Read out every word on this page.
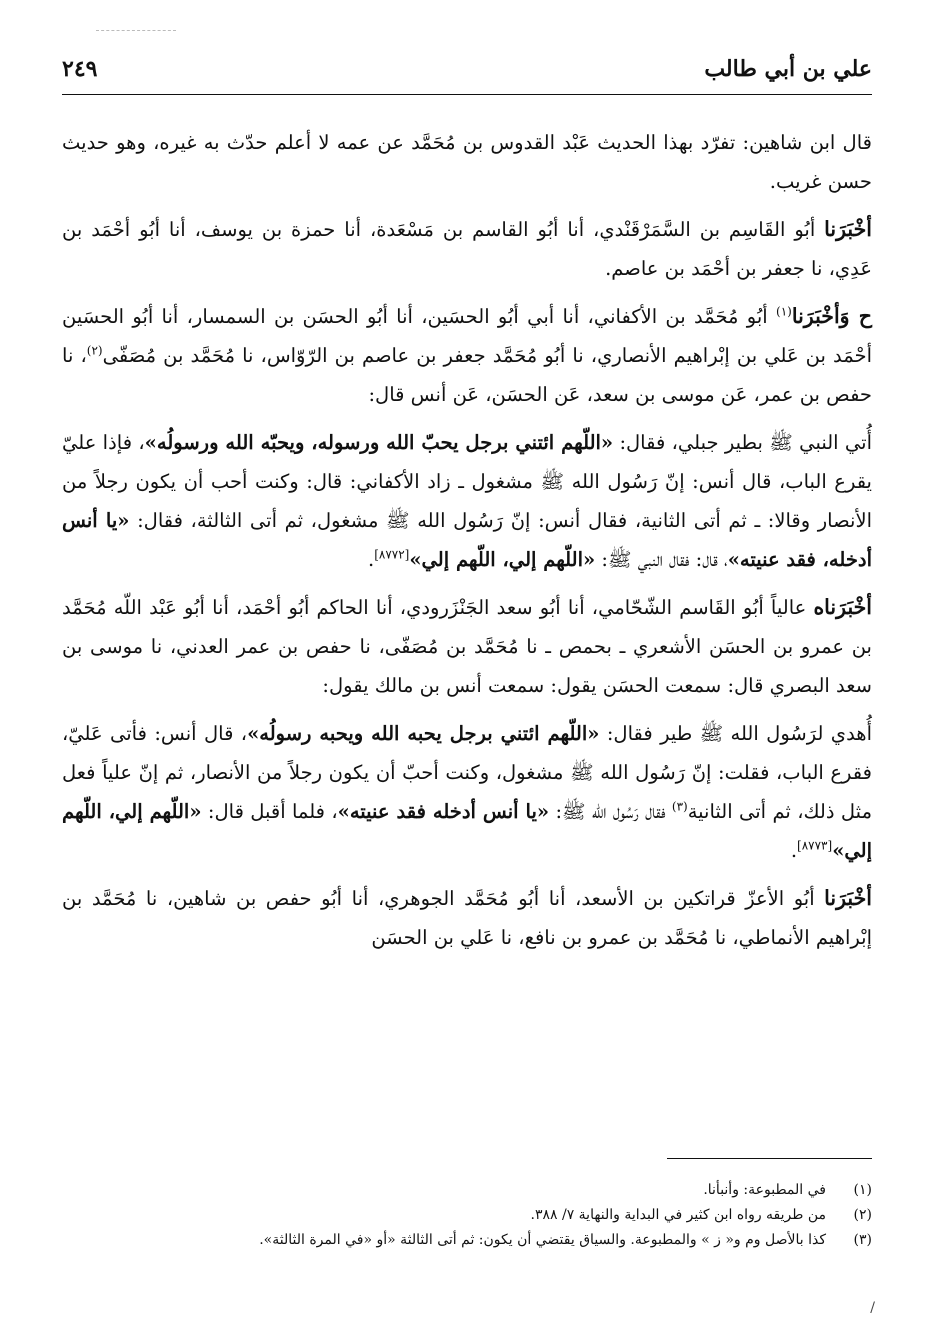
علي بن أبي طالب
٢٤٩

قال ابن شاهين: تفرّد بهذا الحديث عَبْد القدوس بن مُحَمَّد عن عمه لا أعلم حدّث به غيره، وهو حديث حسن غريب.

أخْبَرَنا أبُو القَاسِم بن السَّمَرْقَنْدي، أنا أبُو القاسم بن مَسْعَدة، أنا حمزة بن يوسف، أنا أبُو أحْمَد بن عَدِي، نا جعفر بن أحْمَد بن عاصم.

ح وَأخْبَرَنا$^{(١)}$ أبُو مُحَمَّد بن الأكفاني، أنا أبي أبُو الحسَين، أنا أبُو الحسَن بن السمسار، أنا أبُو الحسَين أحْمَد بن عَلي بن إبْراهيم الأنصاري، نا أبُو مُحَمَّد جعفر بن عاصم بن الرّوّاس، نا مُحَمَّد بن مُصَفّى$^{(٢)}$، نا حفص بن عمر، عَن موسى بن سعد، عَن الحسَن، عَن أنس قال:

أُتي النبي ﷺ بطير جبلي، فقال: «اللّهم ائتني برجل يحبّ الله ورسوله، ويحبّه الله ورسولُه»، فإذا عليّ يقرع الباب، قال أنس: إنّ رَسُول الله ﷺ مشغول ـ زاد الأكفاني: قال: وكنت أحب أن يكون رجلاً من الأنصار وقالا: ـ ثم أتى الثانية، فقال أنس: إنّ رَسُول الله ﷺ مشغول، ثم أتى الثالثة، فقال: «يا أنس أدخله، فقد عنيته»، قال: فقال النبي ﷺ: «اللّهم إلي، اللّهم إلي»[٨٧٧٢].

أخْبَرَناه عالياً أبُو القَاسم الشّحّامي، أنا أبُو سعد الجَنْزَرودي، أنا الحاكم أبُو أحْمَد، أنا أبُو عَبْد اللّه مُحَمَّد بن عمرو بن الحسَن الأشعري ـ بحمص ـ نا مُحَمَّد بن مُصَفّى، نا حفص بن عمر العدني، نا موسى بن سعد البصري قال: سمعت الحسَن يقول: سمعت أنس بن مالك يقول:

أُهدي لرَسُول الله ﷺ طير فقال: «اللّهم ائتني برجل يحبه الله ويحبه رسولُه»، قال أنس: فأتى عَليّ، فقرع الباب، فقلت: إنّ رَسُول الله ﷺ مشغول، وكنت أحبّ أن يكون رجلاً من الأنصار، ثم إنّ علياً فعل مثل ذلك، ثم أتى الثانية$^{(٣)}$ فقال رَسُول الله ﷺ: «يا أنس أدخله فقد عنيته»، فلما أقبل قال: «اللّهم إلي، اللّهم إلي»[٨٧٧٣].

أخْبَرَنا أبُو الأعزّ قراتكين بن الأسعد، أنا أبُو مُحَمَّد الجوهري، أنا أبُو حفص بن شاهين، نا مُحَمَّد بن إبْراهيم الأنماطي، نا مُحَمَّد بن عمرو بن نافع، نا عَلي بن الحسَن

(١)
في المطبوعة: وأنبأنا.
(٢)
من طريقه رواه ابن كثير في البداية والنهاية ٧/ ٣٨٨.
(٣)
كذا بالأصل وم و« ز » والمطبوعة. والسياق يقتضي أن يكون: ثم أتى الثالثة «أو «في المرة الثالثة».
/
